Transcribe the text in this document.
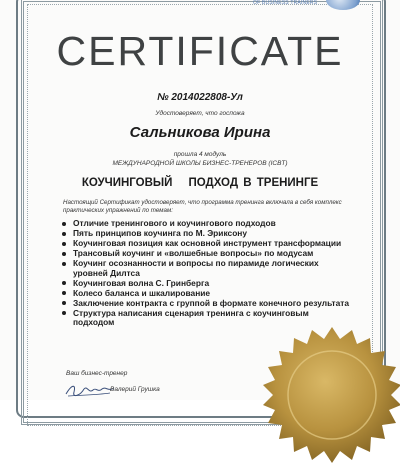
OF BUSINESS TRAINERS
CERTIFICATE
№ 2014022808-Ул
Удостоверяет, что госпожа
Сальникова Ирина
прошла 4 модуль
МЕЖДУНАРОДНОЙ ШКОЛЫ БИЗНЕС-ТРЕНЕРОВ (ICBT)
КОУЧИНГОВЫЙ ПОДХОД В ТРЕНИНГЕ
Настоящий Сертификат удостоверяет, что программа тренинга включала в себя комплекс практических упражнений по темам:
Отличие тренингового и коучингового подходов
Пять принципов коучинга по М. Эриксону
Коучинговая позиция как основной инструмент трансформации
Трансовый коучинг и «волшебные вопросы» по модусам
Коучинг осознанности и вопросы по пирамиде логических уровней Дилтса
Коучинговая волна С. Гринберга
Колесо баланса и шкалирование
Заключение контракта с группой в формате конечного результата
Структура написания сценария тренинга с коучинговым подходом
Ваш бизнес-тренер
Валерий Грушка
